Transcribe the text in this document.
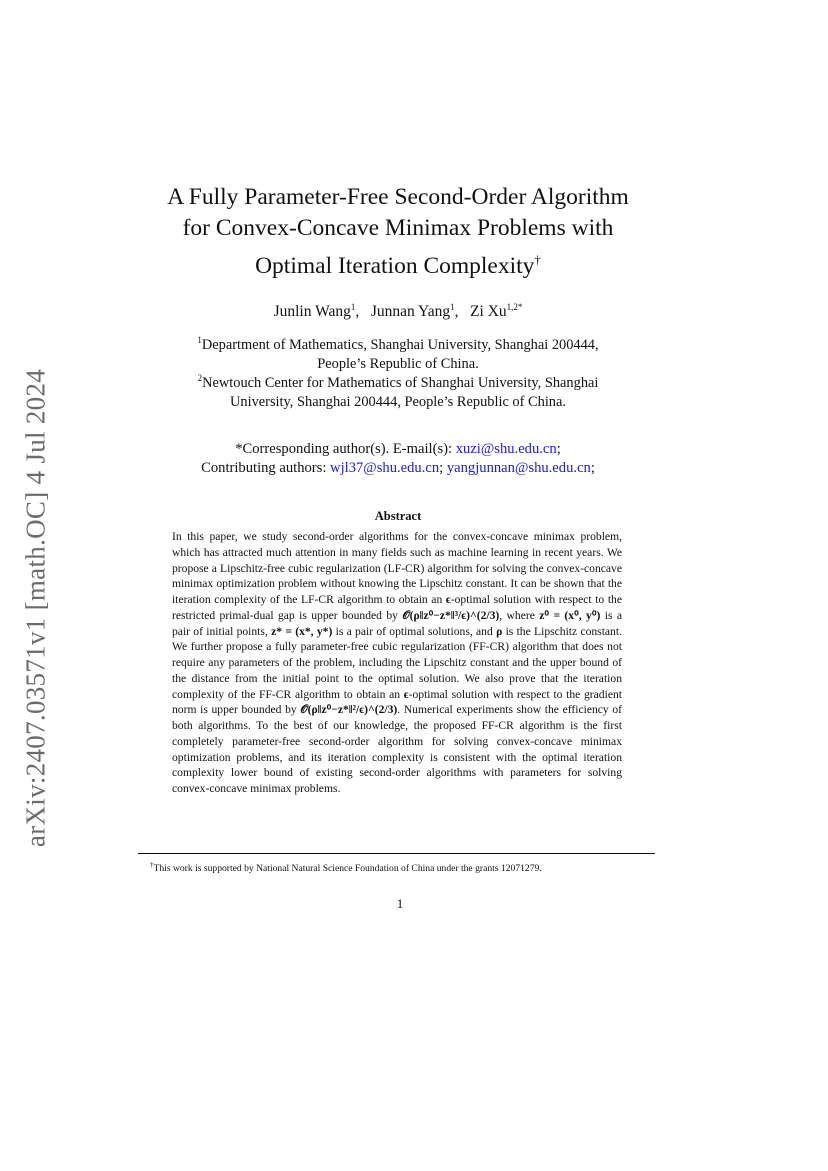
arXiv:2407.03571v1 [math.OC] 4 Jul 2024
A Fully Parameter-Free Second-Order Algorithm
for Convex-Concave Minimax Problems with
Optimal Iteration Complexity†
Junlin Wang$^1$,   Junnan Yang$^1$,   Zi $Xu^{1,2*}$
$^1$Department of Mathematics, Shanghai University, Shanghai 200444,
People’s Republic of China.
$^2$Newtouch Center for Mathematics of Shanghai University, Shanghai
University, Shanghai 200444, People’s Republic of China.
*Corresponding author(s). E-mail(s): xuzi@shu.edu.cn;
Contributing authors: wjl37@shu.edu.cn; yangjunnan@shu.edu.cn;
Abstract
In this paper, we study second-order algorithms for the convex-concave minimax problem, which has attracted much attention in many fields such as machine learning in recent years. We propose a Lipschitz-free cubic regularization (LF-CR) algorithm for solving the convex-concave minimax optimization problem without knowing the Lipschitz constant. It can be shown that the iteration complexity of the LF-CR algorithm to obtain an ϵ-optimal solution with respect to the restricted primal-dual gap is upper bounded by 𝒪(ρ‖z⁰−z*‖³/ϵ)^(2/3), where z⁰ = (x⁰, y⁰) is a pair of initial points, z* = (x*, y*) is a pair of optimal solutions, and ρ is the Lipschitz constant. We further propose a fully parameter-free cubic regularization (FF-CR) algorithm that does not require any parameters of the problem, including the Lipschitz constant and the upper bound of the distance from the initial point to the optimal solution. We also prove that the iteration complexity of the FF-CR algorithm to obtain an ϵ-optimal solution with respect to the gradient norm is upper bounded by 𝒪(ρ‖z⁰−z*‖²/ϵ)^(2/3). Numerical experiments show the efficiency of both algorithms. To the best of our knowledge, the proposed FF-CR algorithm is the first completely parameter-free second-order algorithm for solving convex-concave minimax optimization problems, and its iteration complexity is consistent with the optimal iteration complexity lower bound of existing second-order algorithms with parameters for solving convex-concave minimax problems.
†This work is supported by National Natural Science Foundation of China under the grants 12071279.
1
